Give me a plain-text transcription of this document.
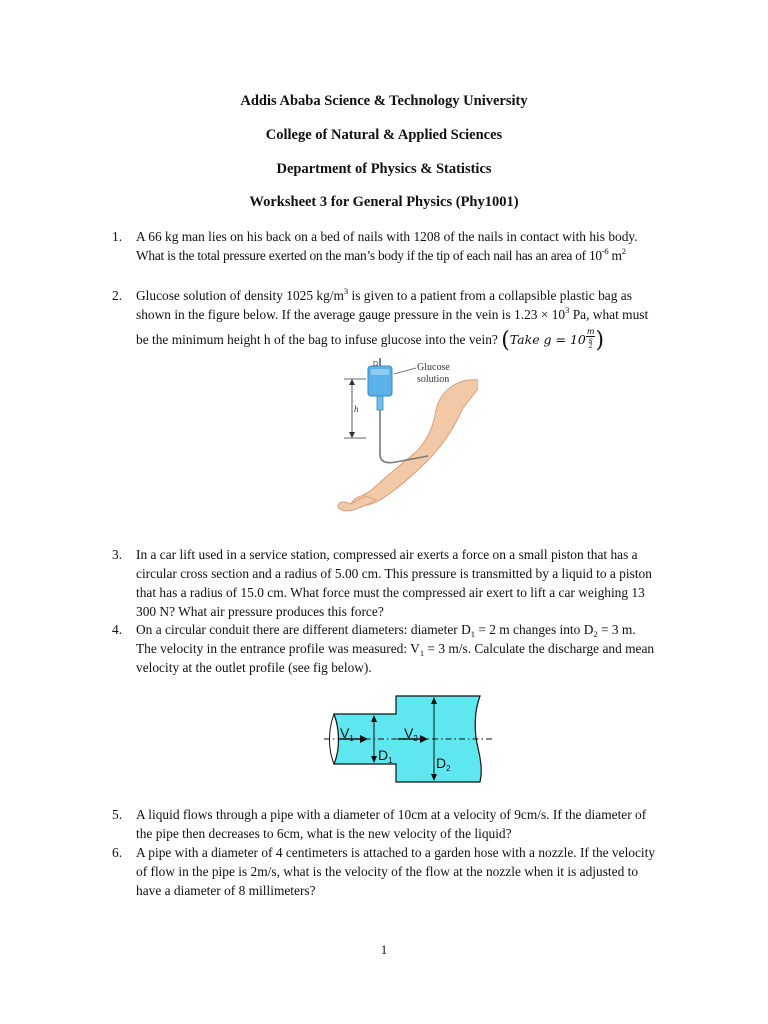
Addis Ababa Science & Technology University
College of Natural & Applied Sciences
Department of Physics & Statistics
Worksheet 3 for General Physics (Phy1001)
1. A 66 kg man lies on his back on a bed of nails with 1208 of the nails in contact with his body.
What is the total pressure exerted on the man’s body if the tip of each nail has an area of $10^{-6}$ $m^2$
2. Glucose solution of density 1025 $kg/m^3$ is given to a patient from a collapsible plastic bag as
shown in the figure below. If the average gauge pressure in the vein is $1.23 \times 10^3$ Pa, what must
be the minimum height h of the bag to infuse glucose into the vein? (Take g = 10 m
s
$^2$ )
D	Glucose
solution
h
3. In a car lift used in a service station, compressed air exerts a force on a small piston that has a
circular cross section and a radius of 5.00 cm. This pressure is transmitted by a liquid to a piston
that has a radius of 15.0 cm. What force must the compressed air exert to lift a car weighing 13
300 N? What air pressure produces this force?
4. On a circular conduit there are different diameters: diameter $D_1 = 2$ m changes into $D_2 = 3$ m.
The velocity in the entrance profile was measured: $V_1 = 3$ m/s. Calculate the discharge and mean
velocity at the outlet profile (see fig below).
$V_1$	$V_2$
$D_1$	$D_2$
5. A liquid flows through a pipe with a diameter of 10cm at a velocity of 9cm/s. If the diameter of
the pipe then decreases to 6cm, what is the new velocity of the liquid?
6. A pipe with a diameter of 4 centimeters is attached to a garden hose with a nozzle. If the velocity
of flow in the pipe is 2m/s, what is the velocity of the flow at the nozzle when it is adjusted to
have a diameter of 8 millimeters?
1
